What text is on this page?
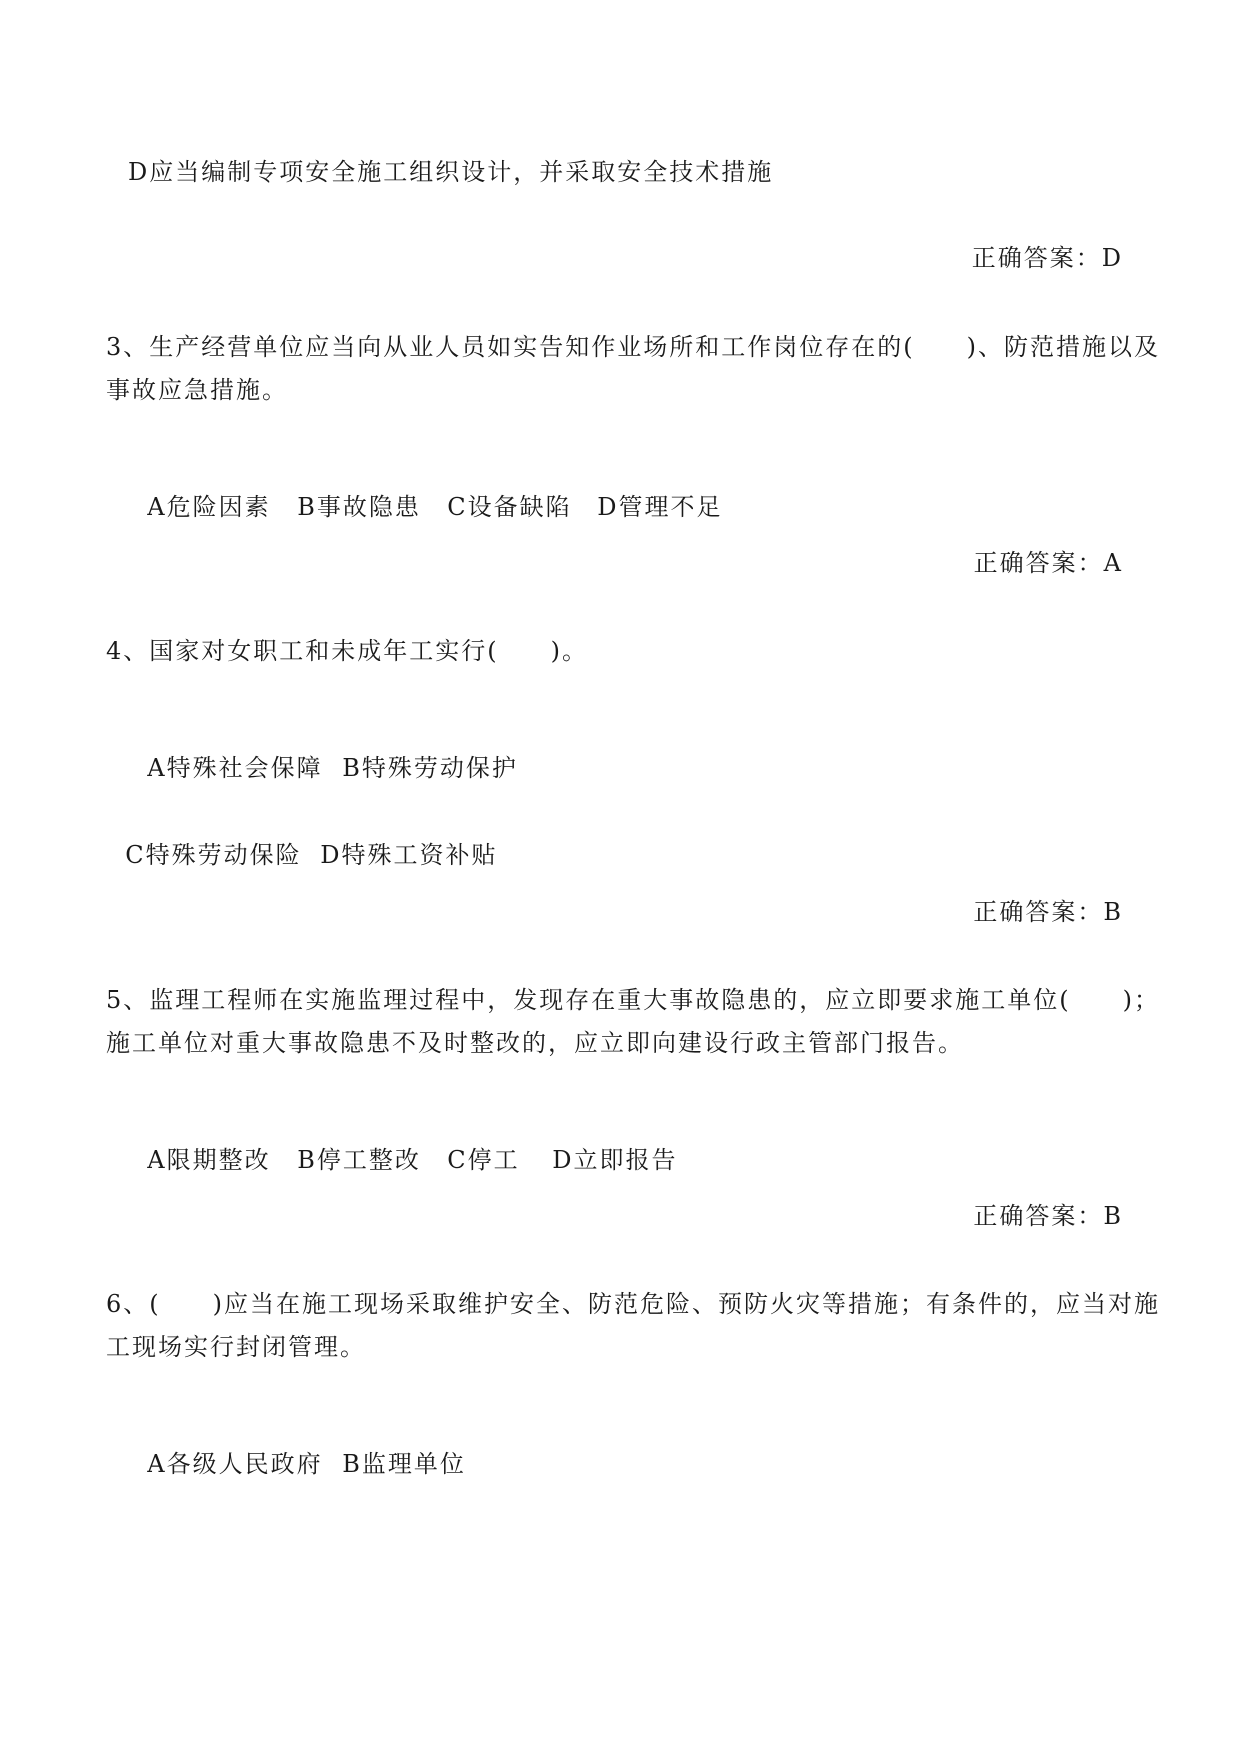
D应当编制专项安全施工组织设计，并采取安全技术措施
正确答案：D
3、生产经营单位应当向从业人员如实告知作业场所和工作岗位存在的(　　)、防范措施以及
事故应急措施。

A危险因素 B事故隐患 C设备缺陷 D管理不足

正确答案：A
4、国家对女职工和未成年工实行(　　)。

A特殊社会保障 B特殊劳动保护

C特殊劳动保险 D特殊工资补贴

正确答案：B
5、监理工程师在实施监理过程中，发现存在重大事故隐患的，应立即要求施工单位(　　)；
施工单位对重大事故隐患不及时整改的，应立即向建设行政主管部门报告。

A限期整改 B停工整改 C停工 D立即报告

正确答案：B
6、(　　)应当在施工现场采取维护安全、防范危险、预防火灾等措施；有条件的，应当对施
工现场实行封闭管理。

A各级人民政府 B监理单位
